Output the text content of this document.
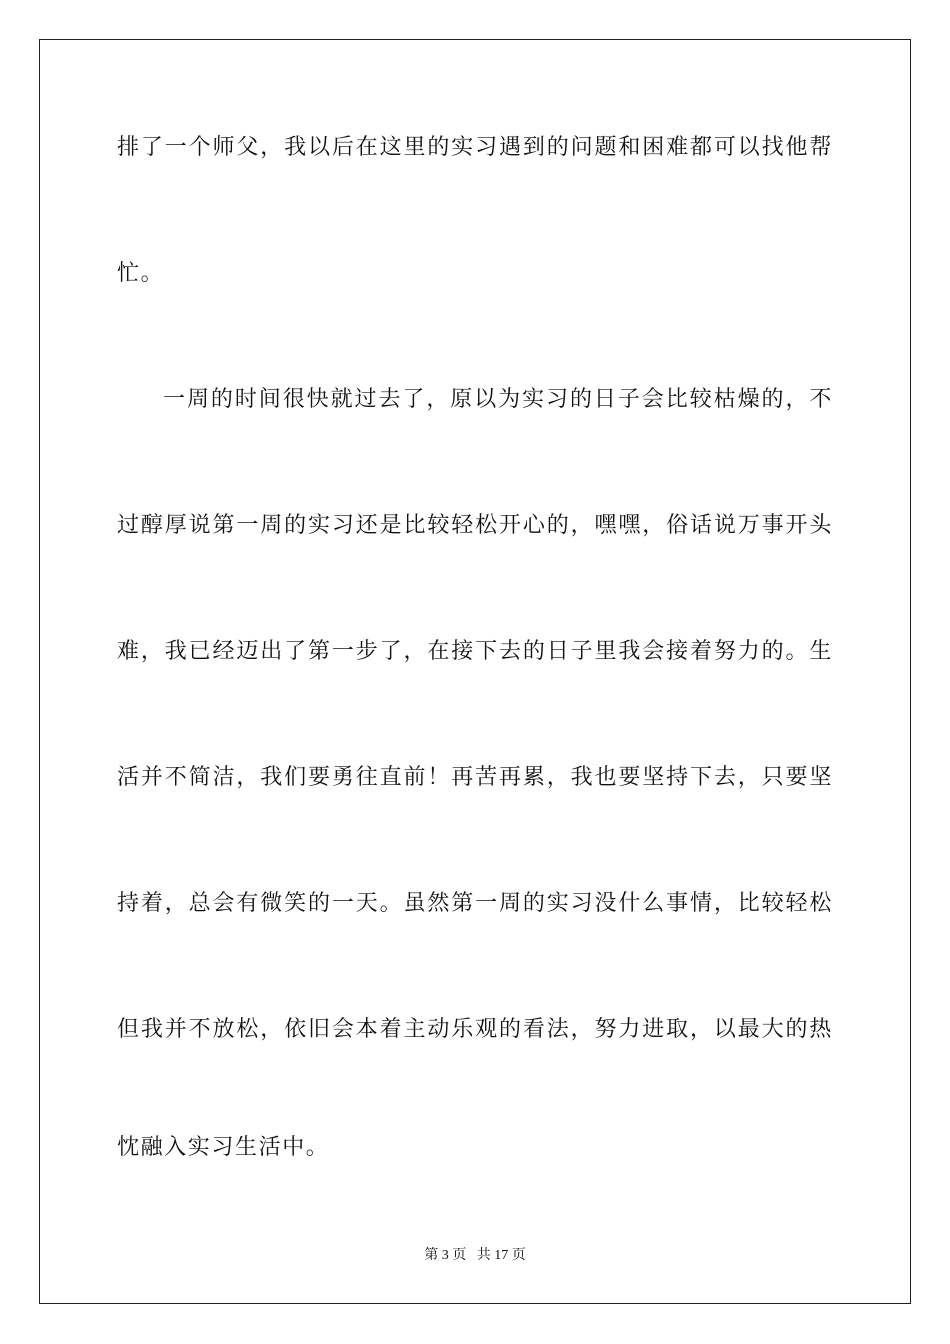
排了一个师父，我以后在这里的实习遇到的问题和困难都可以找他帮
忙。
一周的时间很快就过去了，原以为实习的日子会比较枯燥的，不
过醇厚说第一周的实习还是比较轻松开心的，嘿嘿，俗话说万事开头
难，我已经迈出了第一步了，在接下去的日子里我会接着努力的。生
活并不简洁，我们要勇往直前！再苦再累，我也要坚持下去，只要坚
持着，总会有微笑的一天。虽然第一周的实习没什么事情，比较轻松
但我并不放松，依旧会本着主动乐观的看法，努力进取，以最大的热
忱融入实习生活中。
第 3 页 共 17 页
